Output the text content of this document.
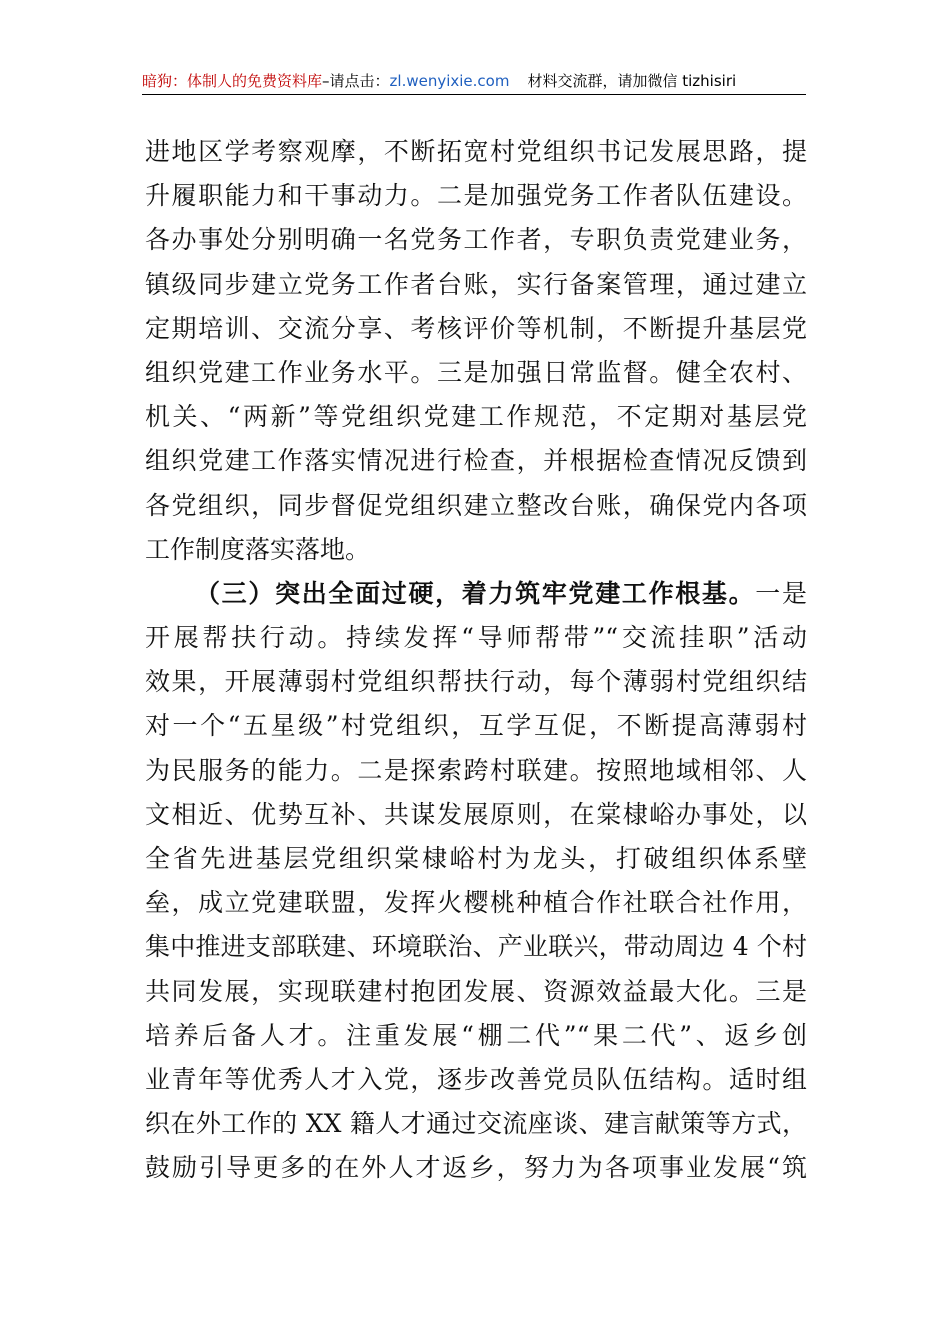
暗狗：体制人的免费资料库–请点击：zl.wenyixie.com 材料交流群，请加微信 tizhisiri
进地区学考察观摩，不断拓宽村党组织书记发展思路，提
升履职能力和干事动力。二是加强党务工作者队伍建设。
各办事处分别明确一名党务工作者，专职负责党建业务，
镇级同步建立党务工作者台账，实行备案管理，通过建立
定期培训、交流分享、考核评价等机制，不断提升基层党
组织党建工作业务水平。三是加强日常监督。健全农村、
机关、“两新”等党组织党建工作规范，不定期对基层党
组织党建工作落实情况进行检查，并根据检查情况反馈到
各党组织，同步督促党组织建立整改台账，确保党内各项
工作制度落实落地。
（三）突出全面过硬，着力筑牢党建工作根基。一是
开展帮扶行动。持续发挥“导师帮带”“交流挂职”活动
效果，开展薄弱村党组织帮扶行动，每个薄弱村党组织结
对一个“五星级”村党组织，互学互促，不断提高薄弱村
为民服务的能力。二是探索跨村联建。按照地域相邻、人
文相近、优势互补、共谋发展原则，在棠棣峪办事处，以
全省先进基层党组织棠棣峪村为龙头，打破组织体系壁
垒，成立党建联盟，发挥火樱桃种植合作社联合社作用，
集中推进支部联建、环境联治、产业联兴，带动周边 4 个村
共同发展，实现联建村抱团发展、资源效益最大化。三是
培养后备人才。注重发展“棚二代”“果二代”、返乡创
业青年等优秀人才入党，逐步改善党员队伍结构。适时组
织在外工作的 XX 籍人才通过交流座谈、建言献策等方式，
鼓励引导更多的在外人才返乡，努力为各项事业发展“筑
